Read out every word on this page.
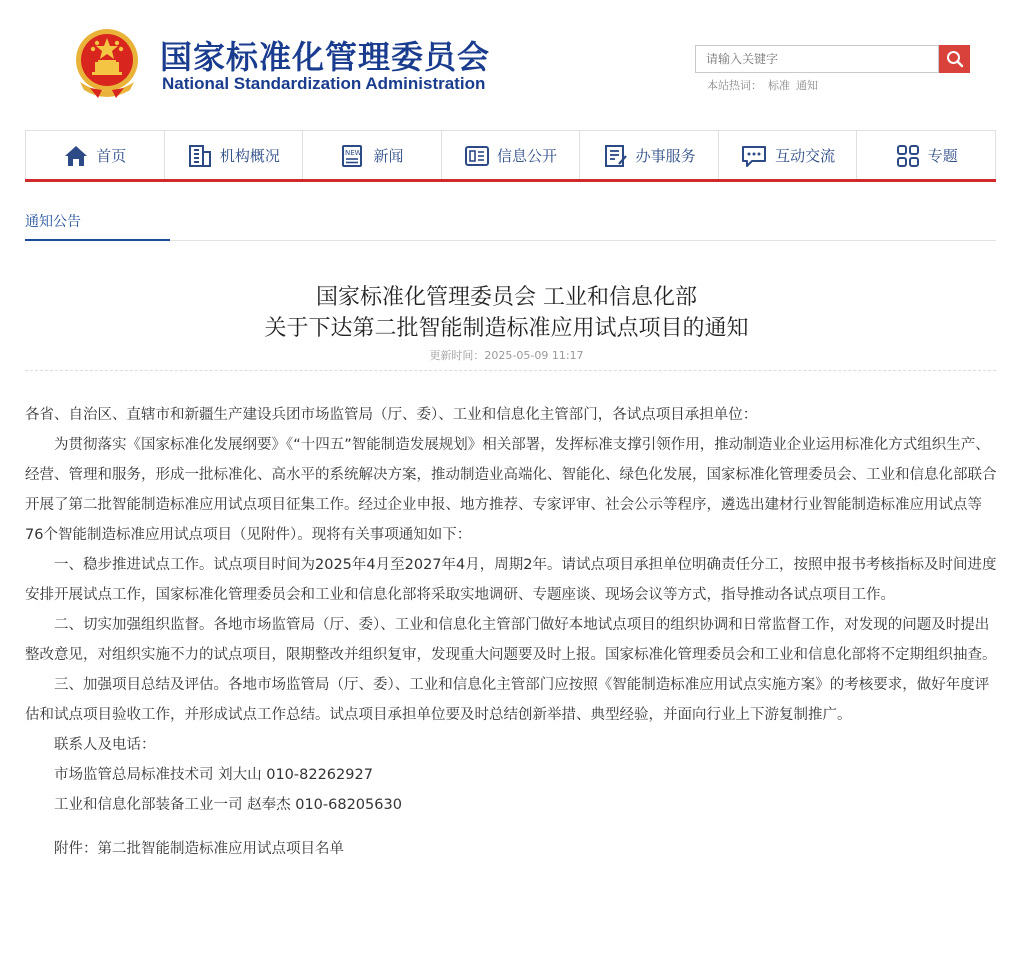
国家标准化管理委员会
National Standardization Administration
请输入关键字	本站热词： 标准 通知
首页	机构概况	NEW 新闻	信息公开	办事服务	互动交流	专题
通知公告
国家标准化管理委员会 工业和信息化部
关于下达第二批智能制造标准应用试点项目的通知
更新时间：2025-05-09 11:17

各省、自治区、直辖市和新疆生产建设兵团市场监管局（厅、委）、工业和信息化主管部门，各试点项目承担单位：

为贯彻落实《国家标准化发展纲要》《“十四五”智能制造发展规划》相关部署，发挥标准支撑引领作用，推动制造业企业运用标准化方式组织生产、经营、管理和服务，形成一批标准化、高水平的系统解决方案，推动制造业高端化、智能化、绿色化发展，国家标准化管理委员会、工业和信息化部联合开展了第二批智能制造标准应用试点项目征集工作。经过企业申报、地方推荐、专家评审、社会公示等程序，遴选出建材行业智能制造标准应用试点等76个智能制造标准应用试点项目（见附件）。现将有关事项通知如下：

一、稳步推进试点工作。试点项目时间为2025年4月至2027年4月，周期2年。请试点项目承担单位明确责任分工，按照申报书考核指标及时间进度安排开展试点工作，国家标准化管理委员会和工业和信息化部将采取实地调研、专题座谈、现场会议等方式，指导推动各试点项目工作。

二、切实加强组织监督。各地市场监管局（厅、委）、工业和信息化主管部门做好本地试点项目的组织协调和日常监督工作，对发现的问题及时提出整改意见，对组织实施不力的试点项目，限期整改并组织复审，发现重大问题要及时上报。国家标准化管理委员会和工业和信息化部将不定期组织抽查。

三、加强项目总结及评估。各地市场监管局（厅、委）、工业和信息化主管部门应按照《智能制造标准应用试点实施方案》的考核要求，做好年度评估和试点项目验收工作，并形成试点工作总结。试点项目承担单位要及时总结创新举措、典型经验，并面向行业上下游复制推广。

联系人及电话：

市场监管总局标准技术司 刘大山 010-82262927

工业和信息化部装备工业一司 赵奉杰 010-68205630

附件：第二批智能制造标准应用试点项目名单
